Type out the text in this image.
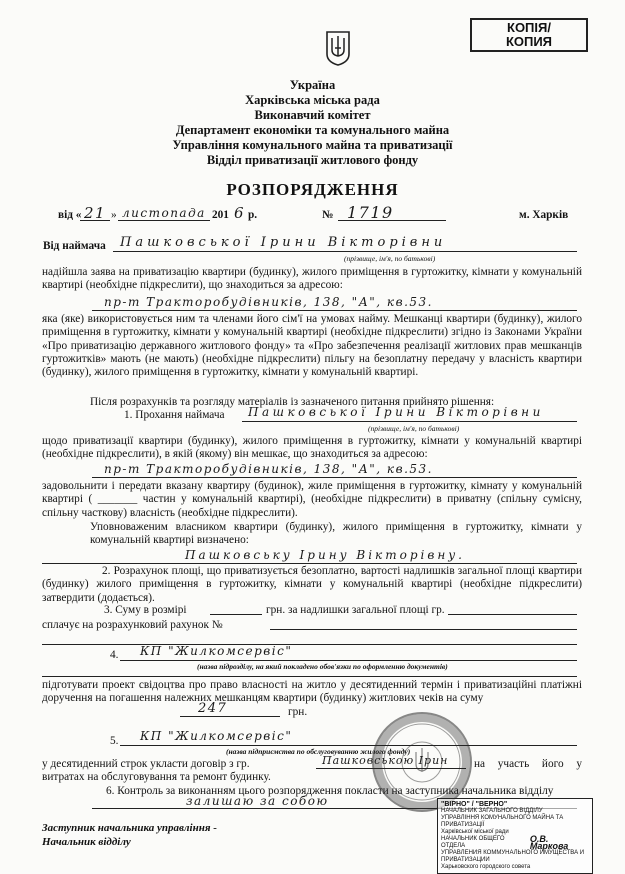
КОПІЯ/
КОПИЯ
Україна
Харківська міська рада
Виконавчий комітет
Департамент економіки та комунального майна
Управління комунального майна та приватизації
Відділ приватизації житлового фонду
РОЗПОРЯДЖЕННЯ
від « 21 » листопада 201 6 р.	№ 1719	м. Харків
Від наймача Пашковської Ірини Вікторівни
(прізвище, ім'я, по батькові)
надійшла заява на приватизацію квартири (будинку), жилого приміщення в гуртожитку, кімнати у комунальній квартирі (необхідне підкреслити), що знаходиться за адресою:
пр-т Тракторобудівників, 138, "А", кв.53.
яка (яке) використовується ним та членами його сім'ї на умовах найму. Мешканці квартири (будинку), жилого приміщення в гуртожитку, кімнати у комунальній квартирі (необхідне підкреслити) згідно із Законами України «Про приватизацію державного житлового фонду» та «Про забезпечення реалізації житлових прав мешканців гуртожитків» мають (не мають) (необхідне підкреслити) пільгу на безоплатну передачу у власність квартири (будинку), жилого приміщення в гуртожитку, кімнати у комунальній квартирі.
Після розрахунків та розгляду матеріалів із зазначеного питання прийнято рішення:
1. Прохання наймача Пашковської Ірини Вікторівни
(прізвище, ім'я, по батькові)
щодо приватизації квартири (будинку), жилого приміщення в гуртожитку, кімнати у комунальній квартирі (необхідне підкреслити), в якій (якому) він мешкає, що знаходиться за адресою:
пр-т Тракторобудівників, 138, "А", кв.53.
задовольнити і передати вказану квартиру (будинок), жиле приміщення в гуртожитку, кімнату у комунальній квартирі ( _______ частин у комунальній квартирі), (необхідне підкреслити) в приватну (спільну сумісну, спільну часткову) власність (необхідне підкреслити).
Уповноваженим власником квартири (будинку), жилого приміщення в гуртожитку, кімнати у комунальній квартирі визначено:
Пашковську Ірину Вікторівну.
2. Розрахунок площі, що приватизується безоплатно, вартості надлишків загальної площі квартири (будинку) жилого приміщення в гуртожитку, кімнати у комунальній квартирі (необхідне підкреслити) затвердити (додається).
3. Суму в розмірі	грн. за надлишки загальної площі гр.
сплачує на розрахунковий рахунок №
4. КП "Жилкомсервіс"
(назва підрозділу, на який покладено обов'язки по оформленню документів)
підготувати проект свідоцтва про право власності на житло у десятиденний термін і приватизаційні платіжні доручення на погашення належних мешканцям квартири (будинку) житлових чеків на суму
247	грн.
5. КП "Жилкомсервіс"
(назва підприємства по обслуговуванню жилого фонду)
у десятиденний строк укласти договір з гр.	Пашковською Ірин	на участь його у витратах на обслуговування та ремонт будинку.
6. Контроль за виконанням цього розпорядження покласти на заступника начальника відділу
залишаю за собою	"ВІРНО" / "ВЕРНО"
НАЧАЛЬНИК ЗАГАЛЬНОГО ВІДДІЛУ
УПРАВЛІННЯ КОМУНАЛЬНОГО МАЙНА ТА ПРИВАТИЗАЦІЇ
Харківської міської ради
НАЧАЛЬНИК ОБЩЕГО ОТДЕЛА
О.В. Маркова
УПРАВЛЕНИЯ КОММУНАЛЬНОГО ИМУЩЕСТВА И ПРИВАТИЗАЦИИ
Харьковского городского совета
Заступник начальника управління -
Начальник відділу
